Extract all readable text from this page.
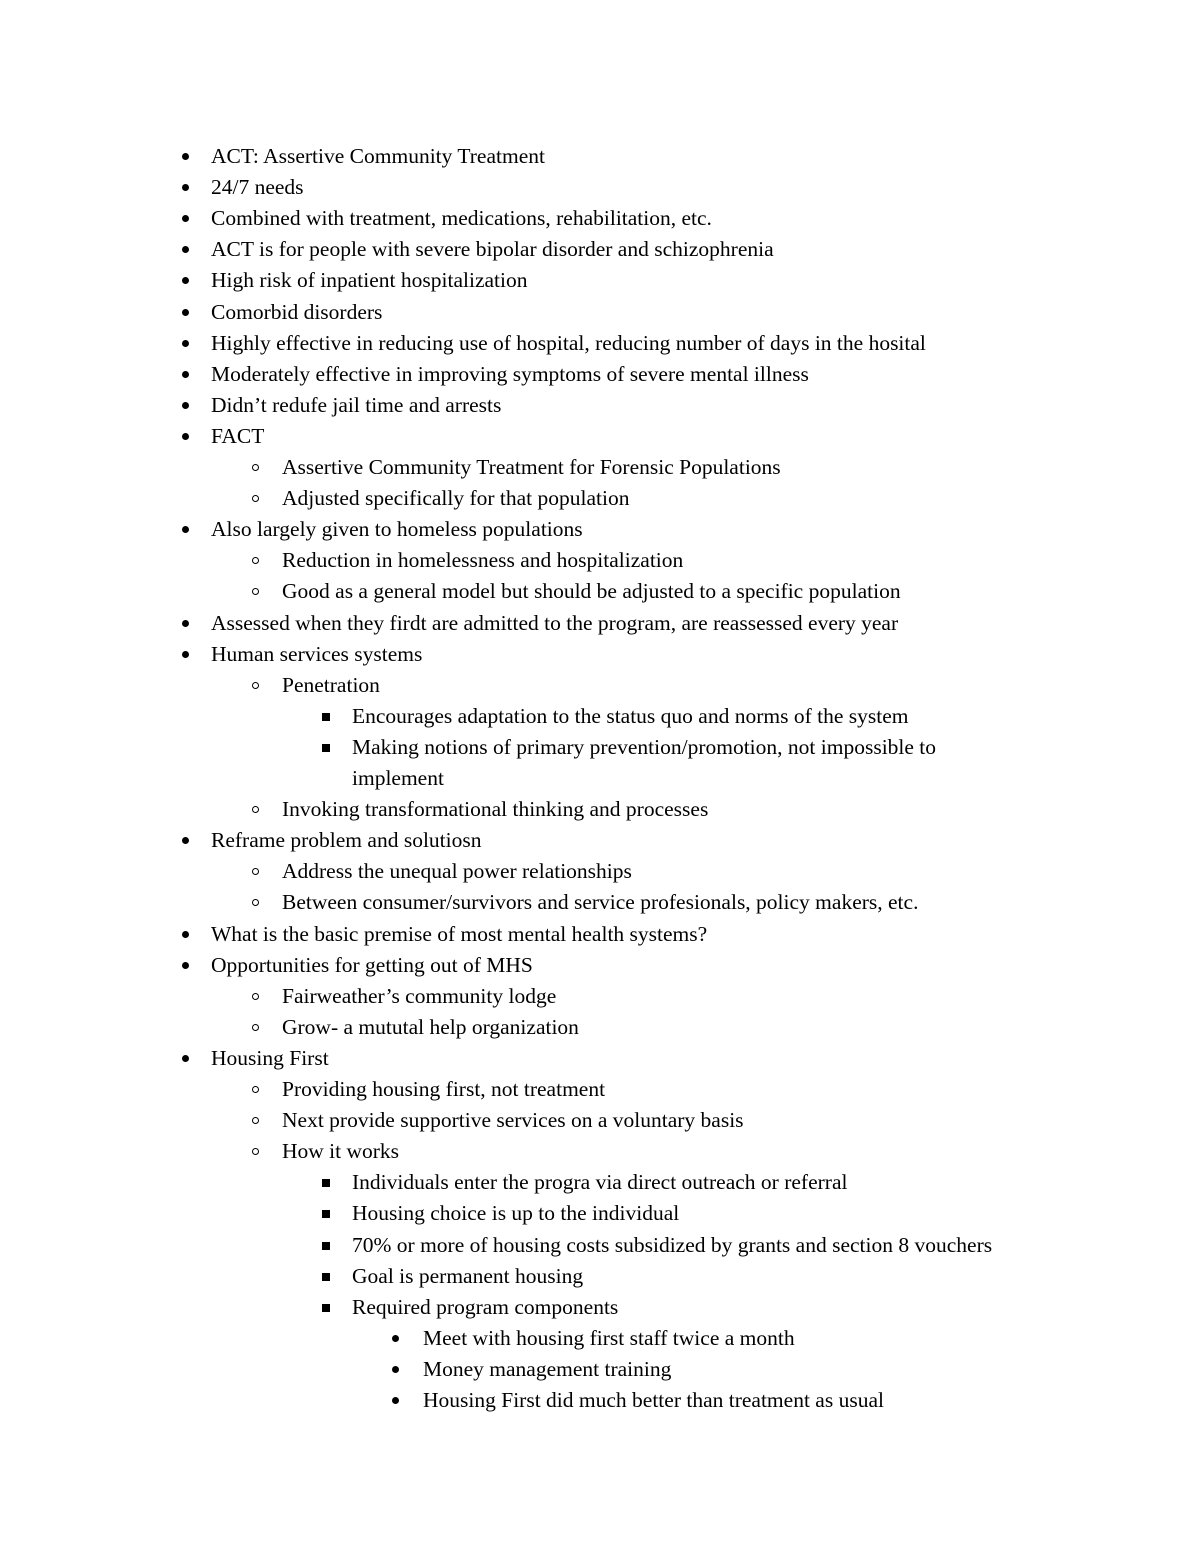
ACT: Assertive Community Treatment
24/7 needs
Combined with treatment, medications, rehabilitation, etc.
ACT is for people with severe bipolar disorder and schizophrenia
High risk of inpatient hospitalization
Comorbid disorders
Highly effective in reducing use of hospital, reducing number of days in the hosital
Moderately effective in improving symptoms of severe mental illness
Didn’t redufe jail time and arrests
FACT
Assertive Community Treatment for Forensic Populations
Adjusted specifically for that population
Also largely given to homeless populations
Reduction in homelessness and hospitalization
Good as a general model but should be adjusted to a specific population
Assessed when they firdt are admitted to the program, are reassessed every year
Human services systems
Penetration
Encourages adaptation to the status quo and norms of the system
Making notions of primary prevention/promotion, not impossible to
implement
Invoking transformational thinking and processes
Reframe problem and solutiosn
Address the unequal power relationships
Between consumer/survivors and service profesionals, policy makers, etc.
What is the basic premise of most mental health systems?
Opportunities for getting out of MHS
Fairweather’s community lodge
Grow- a mututal help organization
Housing First
Providing housing first, not treatment
Next provide supportive services on a voluntary basis
How it works
Individuals enter the progra via direct outreach or referral
Housing choice is up to the individual
70% or more of housing costs subsidized by grants and section 8 vouchers
Goal is permanent housing
Required program components
Meet with housing first staff twice a month
Money management training
Housing First did much better than treatment as usual
